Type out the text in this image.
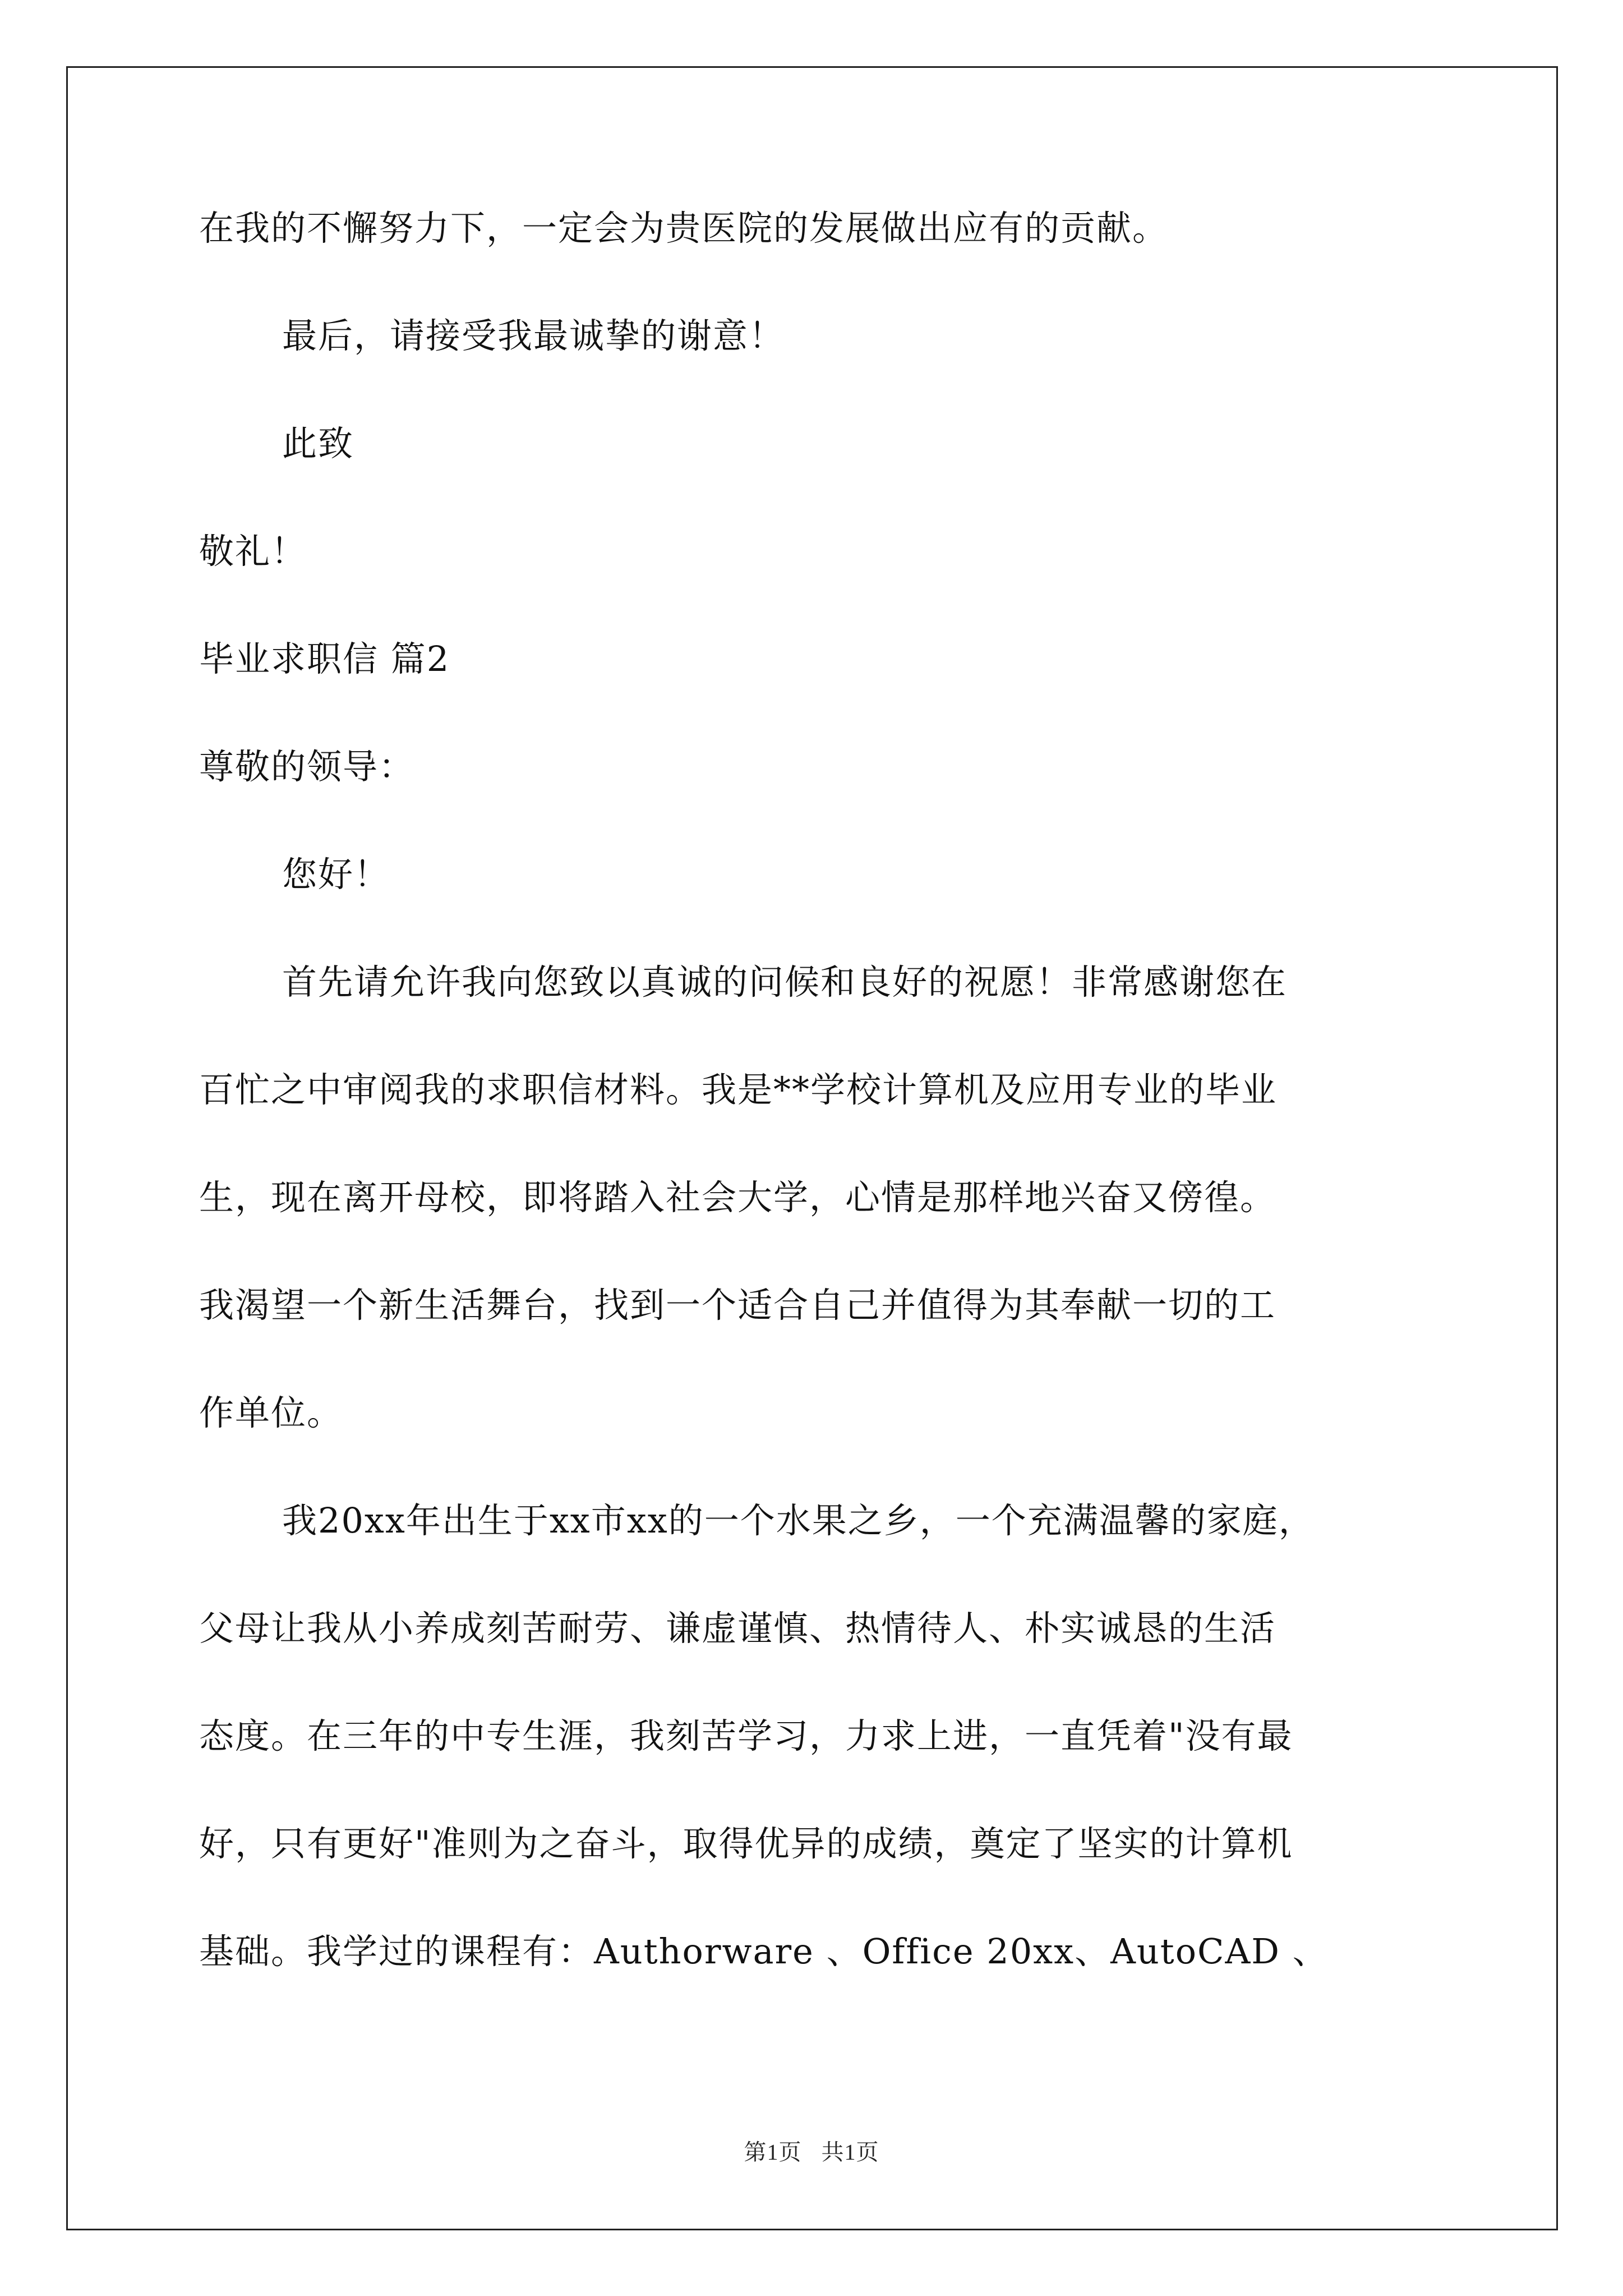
在我的不懈努力下，一定会为贵医院的发展做出应有的贡献。

最后，请接受我最诚挚的谢意！

此致

敬礼！

毕业求职信 篇2

尊敬的领导：

您好！

首先请允许我向您致以真诚的问候和良好的祝愿！非常感谢您在

百忙之中审阅我的求职信材料。我是**学校计算机及应用专业的毕业

生，现在离开母校，即将踏入社会大学，心情是那样地兴奋又傍徨。

我渴望一个新生活舞台，找到一个适合自己并值得为其奉献一切的工

作单位。

我20xx年出生于xx市xx的一个水果之乡，一个充满温馨的家庭，

父母让我从小养成刻苦耐劳、谦虚谨慎、热情待人、朴实诚恳的生活

态度。在三年的中专生涯，我刻苦学习，力求上进，一直凭着"没有最

好，只有更好"准则为之奋斗，取得优异的成绩，奠定了坚实的计算机

基础。我学过的课程有：Authorware 、Office 20xx、AutoCAD 、

第1页 共1页
